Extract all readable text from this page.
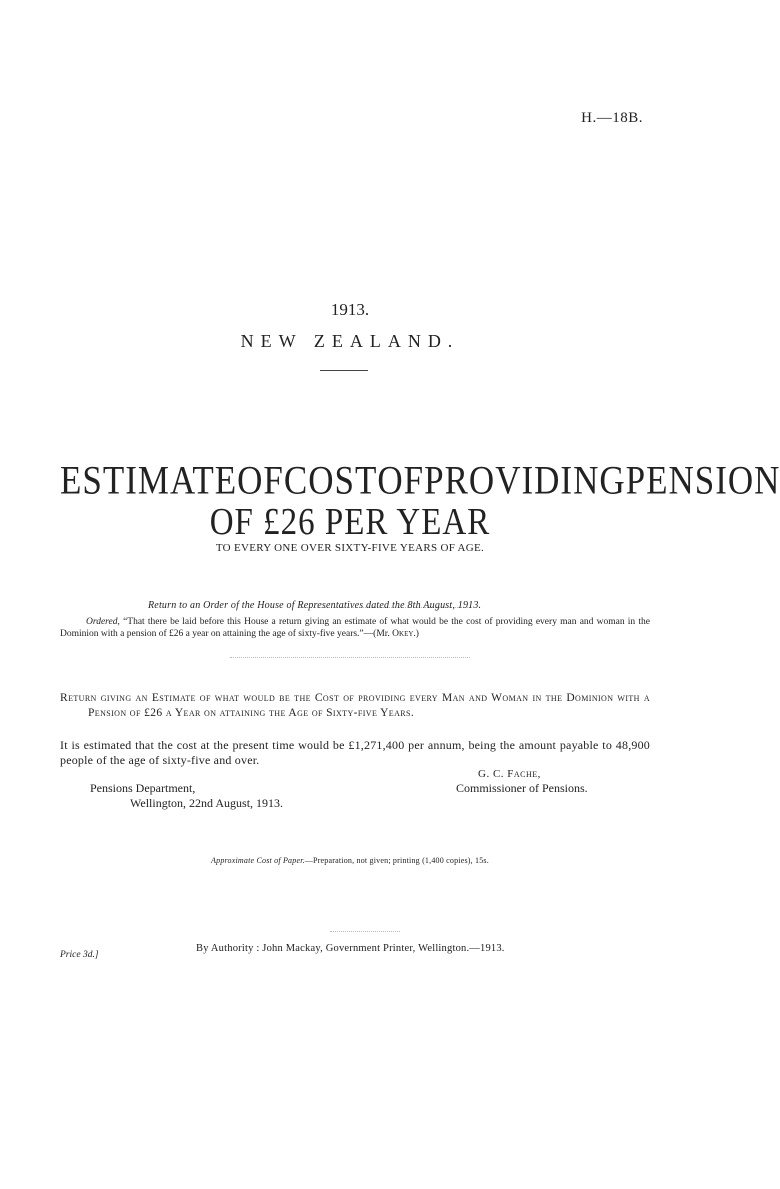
H.—18B.
1913.
NEW ZEALAND.
ESTIMATE OF COST OF PROVIDING PENSION
OF £26 PER YEAR
TO EVERY ONE OVER SIXTY-FIVE YEARS OF AGE.
Return to an Order of the House of Representatives dated the 8th August, 1913.
Ordered, “That there be laid before this House a return giving an estimate of what would be the cost of providing every man and woman in the Dominion with a pension of £26 a year on attaining the age of sixty-five years.”—(Mr. Okey.)
Return giving an Estimate of what would be the Cost of providing every Man and Woman in the Dominion with a Pension of £26 a Year on attaining the Age of Sixty-five Years.
It is estimated that the cost at the present time would be £1,271,400 per annum, being the amount payable to 48,900 people of the age of sixty-five and over.
G. C. Fache,
Commissioner of Pensions.
Pensions Department,
Wellington, 22nd August, 1913.
Approximate Cost of Paper.—Preparation, not given; printing (1,400 copies), 15s.
By Authority : John Mackay, Government Printer, Wellington.—1913.
Price 3d.]
